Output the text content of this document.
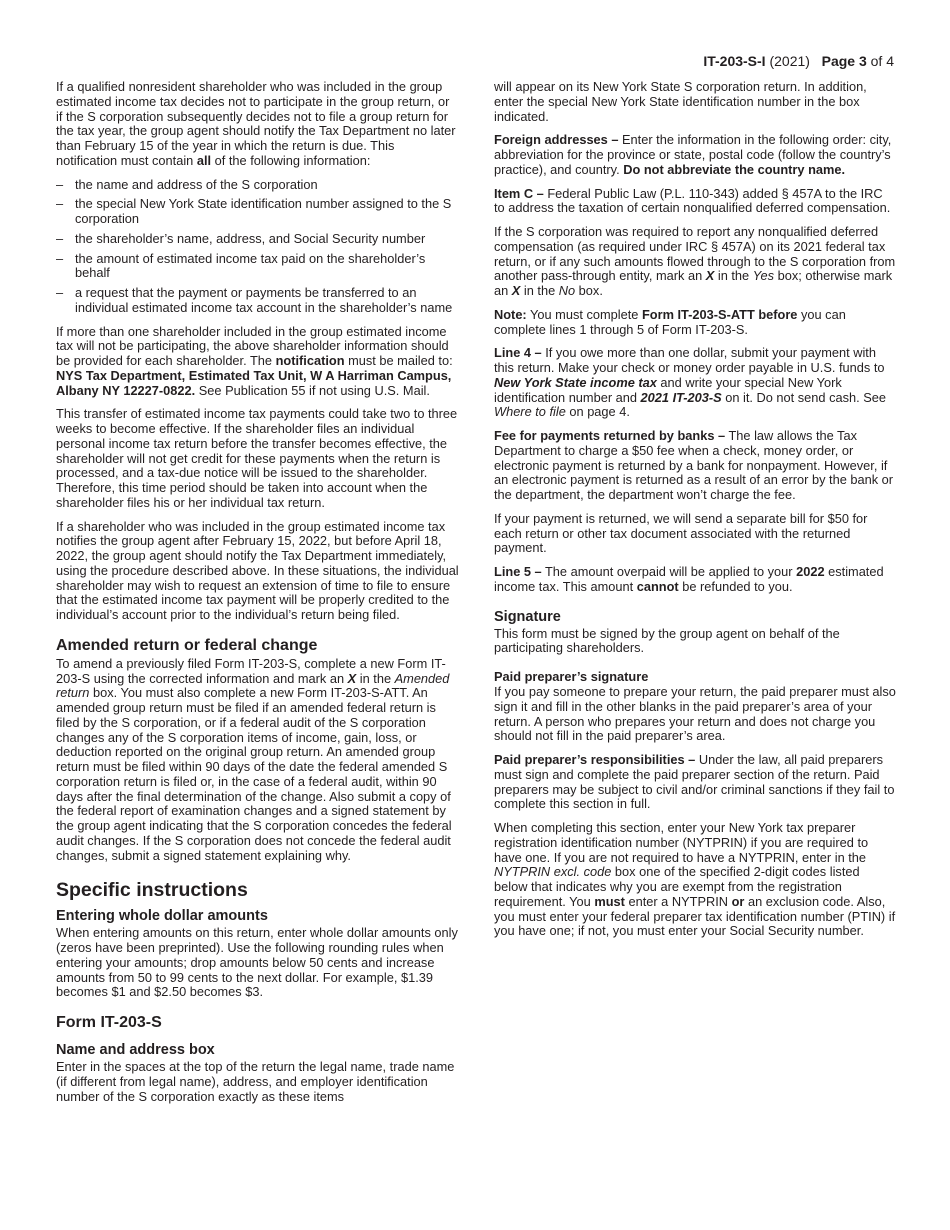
IT-203-S-I (2021) Page 3 of 4

If a qualified nonresident shareholder who was included in the group estimated income tax decides not to participate in the group return, or if the S corporation subsequently decides not to file a group return for the tax year, the group agent should notify the Tax Department no later than February 15 of the year in which the return is due. This notification must contain all of the following information:

– the name and address of the S corporation
– the special New York State identification number assigned to the S corporation
– the shareholder’s name, address, and Social Security number
– the amount of estimated income tax paid on the shareholder’s behalf
– a request that the payment or payments be transferred to an individual estimated income tax account in the shareholder’s name

If more than one shareholder included in the group estimated income tax will not be participating, the above shareholder information should be provided for each shareholder. The notification must be mailed to: NYS Tax Department, Estimated Tax Unit, W A Harriman Campus, Albany NY 12227-0822. See Publication 55 if not using U.S. Mail.

This transfer of estimated income tax payments could take two to three weeks to become effective. If the shareholder files an individual personal income tax return before the transfer becomes effective, the shareholder will not get credit for these payments when the return is processed, and a tax-due notice will be issued to the shareholder. Therefore, this time period should be taken into account when the shareholder files his or her individual tax return.

If a shareholder who was included in the group estimated income tax notifies the group agent after February 15, 2022, but before April 18, 2022, the group agent should notify the Tax Department immediately, using the procedure described above. In these situations, the individual shareholder may wish to request an extension of time to file to ensure that the estimated income tax payment will be properly credited to the individual’s account prior to the individual’s return being filed.

Amended return or federal change

To amend a previously filed Form IT-203-S, complete a new Form IT-203-S using the corrected information and mark an X in the Amended return box. You must also complete a new Form IT-203-S-ATT. An amended group return must be filed if an amended federal return is filed by the S corporation, or if a federal audit of the S corporation changes any of the S corporation items of income, gain, loss, or deduction reported on the original group return. An amended group return must be filed within 90 days of the date the federal amended S corporation return is filed or, in the case of a federal audit, within 90 days after the final determination of the change. Also submit a copy of the federal report of examination changes and a signed statement by the group agent indicating that the S corporation concedes the federal audit changes. If the S corporation does not concede the federal audit changes, submit a signed statement explaining why.

Specific instructions
Entering whole dollar amounts

When entering amounts on this return, enter whole dollar amounts only (zeros have been preprinted). Use the following rounding rules when entering your amounts; drop amounts below 50 cents and increase amounts from 50 to 99 cents to the next dollar. For example, $1.39 becomes $1 and $2.50 becomes $3.

Form IT-203-S
Name and address box

Enter in the spaces at the top of the return the legal name, trade name (if different from legal name), address, and employer identification number of the S corporation exactly as these items

will appear on its New York State S corporation return. In addition, enter the special New York State identification number in the box indicated.

Foreign addresses – Enter the information in the following order: city, abbreviation for the province or state, postal code (follow the country’s practice), and country. Do not abbreviate the country name.

Item C – Federal Public Law (P.L. 110-343) added § 457A to the IRC to address the taxation of certain nonqualified deferred compensation.

If the S corporation was required to report any nonqualified deferred compensation (as required under IRC § 457A) on its 2021 federal tax return, or if any such amounts flowed through to the S corporation from another pass-through entity, mark an X in the Yes box; otherwise mark an X in the No box.

Note: You must complete Form IT-203-S-ATT before you can complete lines 1 through 5 of Form IT-203-S.

Line 4 – If you owe more than one dollar, submit your payment with this return. Make your check or money order payable in U.S. funds to New York State income tax and write your special New York identification number and 2021 IT-203-S on it. Do not send cash. See Where to file on page 4.

Fee for payments returned by banks – The law allows the Tax Department to charge a $50 fee when a check, money order, or electronic payment is returned by a bank for nonpayment. However, if an electronic payment is returned as a result of an error by the bank or the department, the department won’t charge the fee.

If your payment is returned, we will send a separate bill for $50 for each return or other tax document associated with the returned payment.

Line 5 – The amount overpaid will be applied to your 2022 estimated income tax. This amount cannot be refunded to you.

Signature

This form must be signed by the group agent on behalf of the participating shareholders.

Paid preparer’s signature

If you pay someone to prepare your return, the paid preparer must also sign it and fill in the other blanks in the paid preparer’s area of your return. A person who prepares your return and does not charge you should not fill in the paid preparer’s area.

Paid preparer’s responsibilities – Under the law, all paid preparers must sign and complete the paid preparer section of the return. Paid preparers may be subject to civil and/or criminal sanctions if they fail to complete this section in full.

When completing this section, enter your New York tax preparer registration identification number (NYTPRIN) if you are required to have one. If you are not required to have a NYTPRIN, enter in the NYTPRIN excl. code box one of the specified 2-digit codes listed below that indicates why you are exempt from the registration requirement. You must enter a NYTPRIN or an exclusion code. Also, you must enter your federal preparer tax identification number (PTIN) if you have one; if not, you must enter your Social Security number.
